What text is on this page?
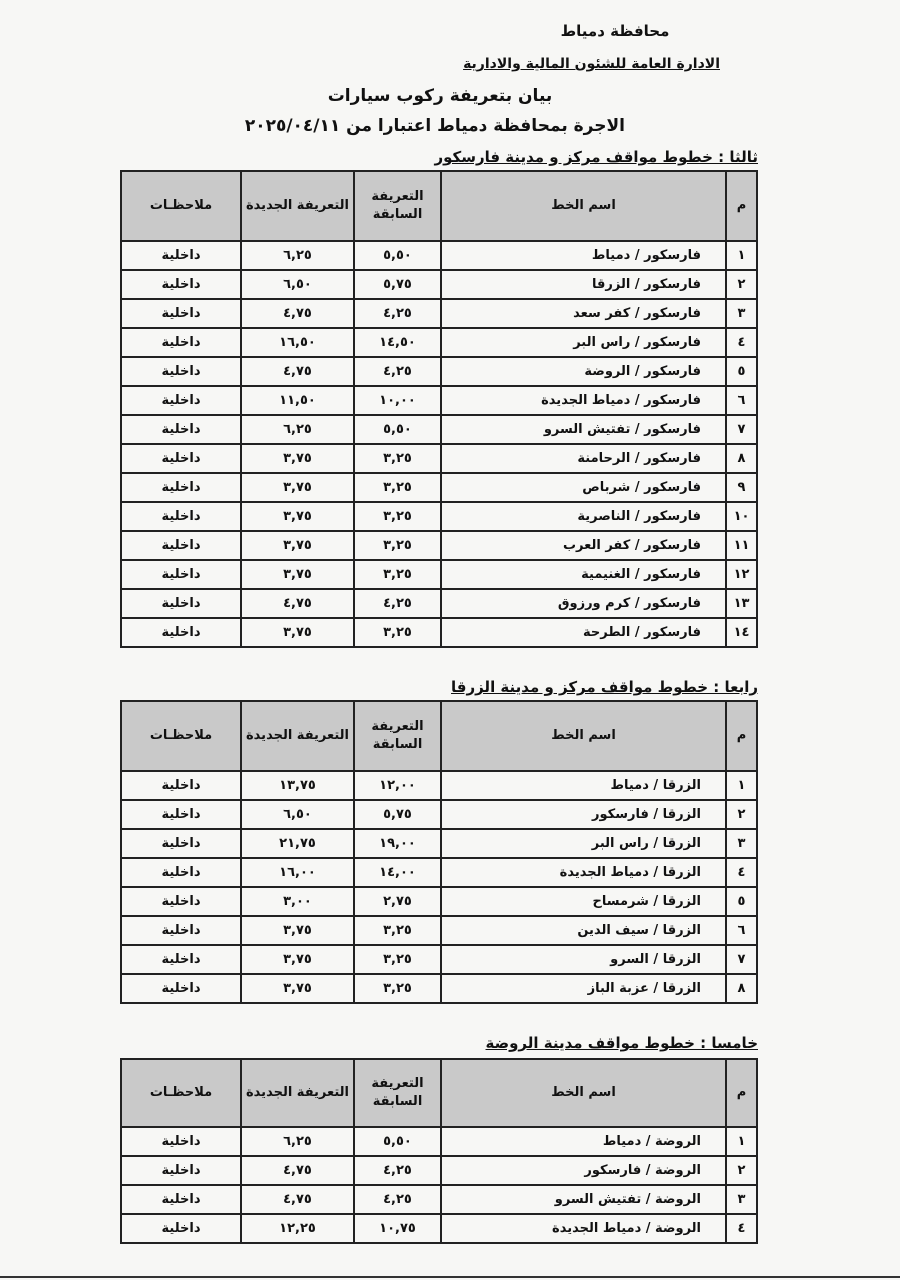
محافظة دمياط
الادارة العامة للشئون المالية والادارية
بيان بتعريفة ركوب سيارات
الاجرة بمحافظة دمياط اعتبارا من ٢٠٢٥/٠٤/١١
ثالثا : خطوط مواقف مركز و مدينة فارسكور
م	اسم الخط	التعريفة السابقة	التعريفة الجديدة	ملاحظـات
١	فارسكور / دمياط	٥,٥٠	٦,٢٥	داخلية
٢	فارسكور / الزرقا	٥,٧٥	٦,٥٠	داخلية
٣	فارسكور / كفر سعد	٤,٢٥	٤,٧٥	داخلية
٤	فارسكور / راس البر	١٤,٥٠	١٦,٥٠	داخلية
٥	فارسكور / الروضة	٤,٢٥	٤,٧٥	داخلية
٦	فارسكور / دمياط الجديدة	١٠,٠٠	١١,٥٠	داخلية
٧	فارسكور / تفتيش السرو	٥,٥٠	٦,٢٥	داخلية
٨	فارسكور / الرحامنة	٣,٢٥	٣,٧٥	داخلية
٩	فارسكور / شرباص	٣,٢٥	٣,٧٥	داخلية
١٠	فارسكور / الناصرية	٣,٢٥	٣,٧٥	داخلية
١١	فارسكور / كفر العرب	٣,٢٥	٣,٧٥	داخلية
١٢	فارسكور / الغنيمية	٣,٢٥	٣,٧٥	داخلية
١٣	فارسكور / كرم ورزوق	٤,٢٥	٤,٧٥	داخلية
١٤	فارسكور / الطرحة	٣,٢٥	٣,٧٥	داخلية
رابعا : خطوط مواقف مركز و مدينة الزرقا
م	اسم الخط	التعريفة السابقة	التعريفة الجديدة	ملاحظـات
١	الزرقا / دمياط	١٢,٠٠	١٣,٧٥	داخلية
٢	الزرقا / فارسكور	٥,٧٥	٦,٥٠	داخلية
٣	الزرقا / راس البر	١٩,٠٠	٢١,٧٥	داخلية
٤	الزرقا / دمياط الجديدة	١٤,٠٠	١٦,٠٠	داخلية
٥	الزرقا / شرمساح	٢,٧٥	٣,٠٠	داخلية
٦	الزرقا / سيف الدين	٣,٢٥	٣,٧٥	داخلية
٧	الزرقا / السرو	٣,٢٥	٣,٧٥	داخلية
٨	الزرقا / عزبة الباز	٣,٢٥	٣,٧٥	داخلية
خامسا : خطوط مواقف مدينة الروضة
م	اسم الخط	التعريفة السابقة	التعريفة الجديدة	ملاحظـات
١	الروضة / دمياط	٥,٥٠	٦,٢٥	داخلية
٢	الروضة / فارسكور	٤,٢٥	٤,٧٥	داخلية
٣	الروضة / تفتيش السرو	٤,٢٥	٤,٧٥	داخلية
٤	الروضة / دمياط الجديدة	١٠,٧٥	١٢,٢٥	داخلية
